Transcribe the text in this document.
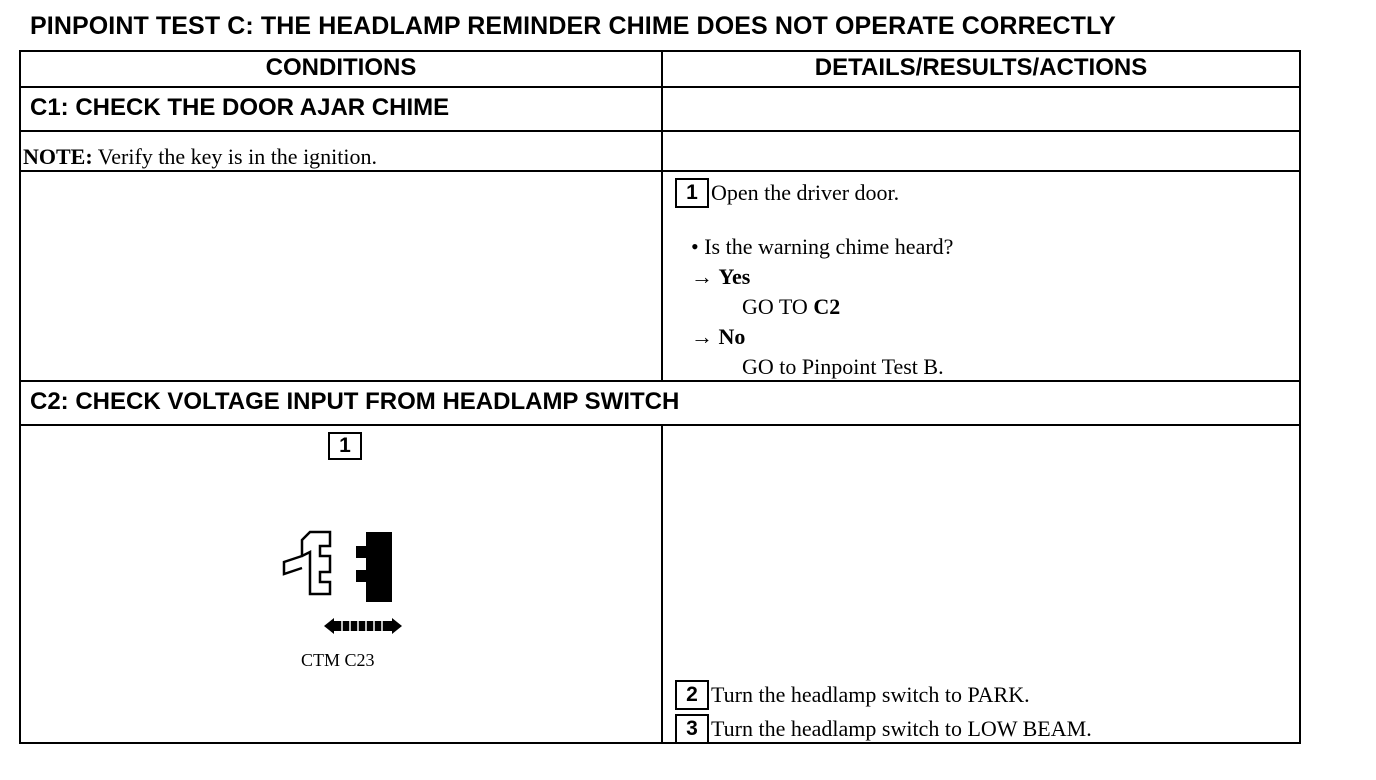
PINPOINT TEST C: THE HEADLAMP REMINDER CHIME DOES NOT OPERATE CORRECTLY
CONDITIONS	DETAILS/RESULTS/ACTIONS
C1: CHECK THE DOOR AJAR CHIME
NOTE: Verify the key is in the ignition.
1 Open the driver door.
• Is the warning chime heard?
→ Yes
GO TO C2
→ No
GO to Pinpoint Test B.
C2: CHECK VOLTAGE INPUT FROM HEADLAMP SWITCH
1
CTM C23
2 Turn the headlamp switch to PARK.
3 Turn the headlamp switch to LOW BEAM.
